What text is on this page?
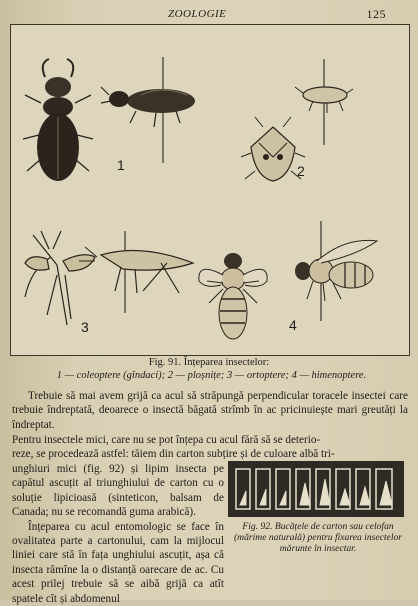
ZOOLOGIE	125
1	2
3	4
Fig. 91. Înțeparea insectelor:
1 — coleoptere (gîndaci); 2 — ploșnițe; 3 — ortoptere; 4 — himenoptere.

Trebuie să mai avem grijă ca acul să străpungă perpendicular toracele insectei care trebuie îndreptată, deoarece o insectă băgată strîmb în ac pricinuiește mari greutăți la îndreptat.

Pentru insectele mici, care nu se pot înțepa cu acul fără să se deterio-
reze, se procedează astfel: tăiem din carton subțire și de culoare albă tri-

unghiuri mici (fig. 92) și lipim insecta pe capătul ascuțit al triunghiului de carton cu o soluție lipicioasă (sinteticon, balsam de Canada; nu se recomandă guma arabică).

Înțeparea cu acul entomologic se face în ovalitatea parte a cartonului, cam la mijlocul liniei care stă în fața unghiului ascuțit, așa că insecta rămîne la o distanță oarecare de ac. Cu acest prilej trebuie să se aibă grijă ca atît spatele cît și abdomenul

Fig. 92. Bucățele de carton sau celofan (mărime naturală) pentru fixarea insectelor mărunte în insectar.
